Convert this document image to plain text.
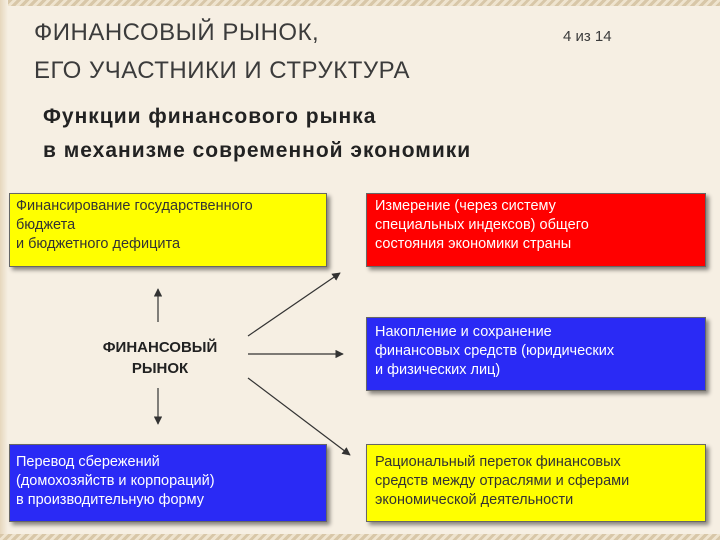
ФИНАНСОВЫЙ РЫНОК,
ЕГО УЧАСТНИКИ И СТРУКТУРА
4 из 14
Функции финансового рынка
в механизме современной экономики
ФИНАНСОВЫЙ
РЫНОК
Финансирование государственного
бюджета
и бюджетного дефицита
Измерение (через систему
специальных индексов) общего
состояния экономики страны
Накопление и сохранение
финансовых средств (юридических
и физических лиц)
Перевод сбережений
(домохозяйств и корпораций)
в производительную форму
Рациональный переток финансовых
средств между отраслями и сферами
экономической деятельности
